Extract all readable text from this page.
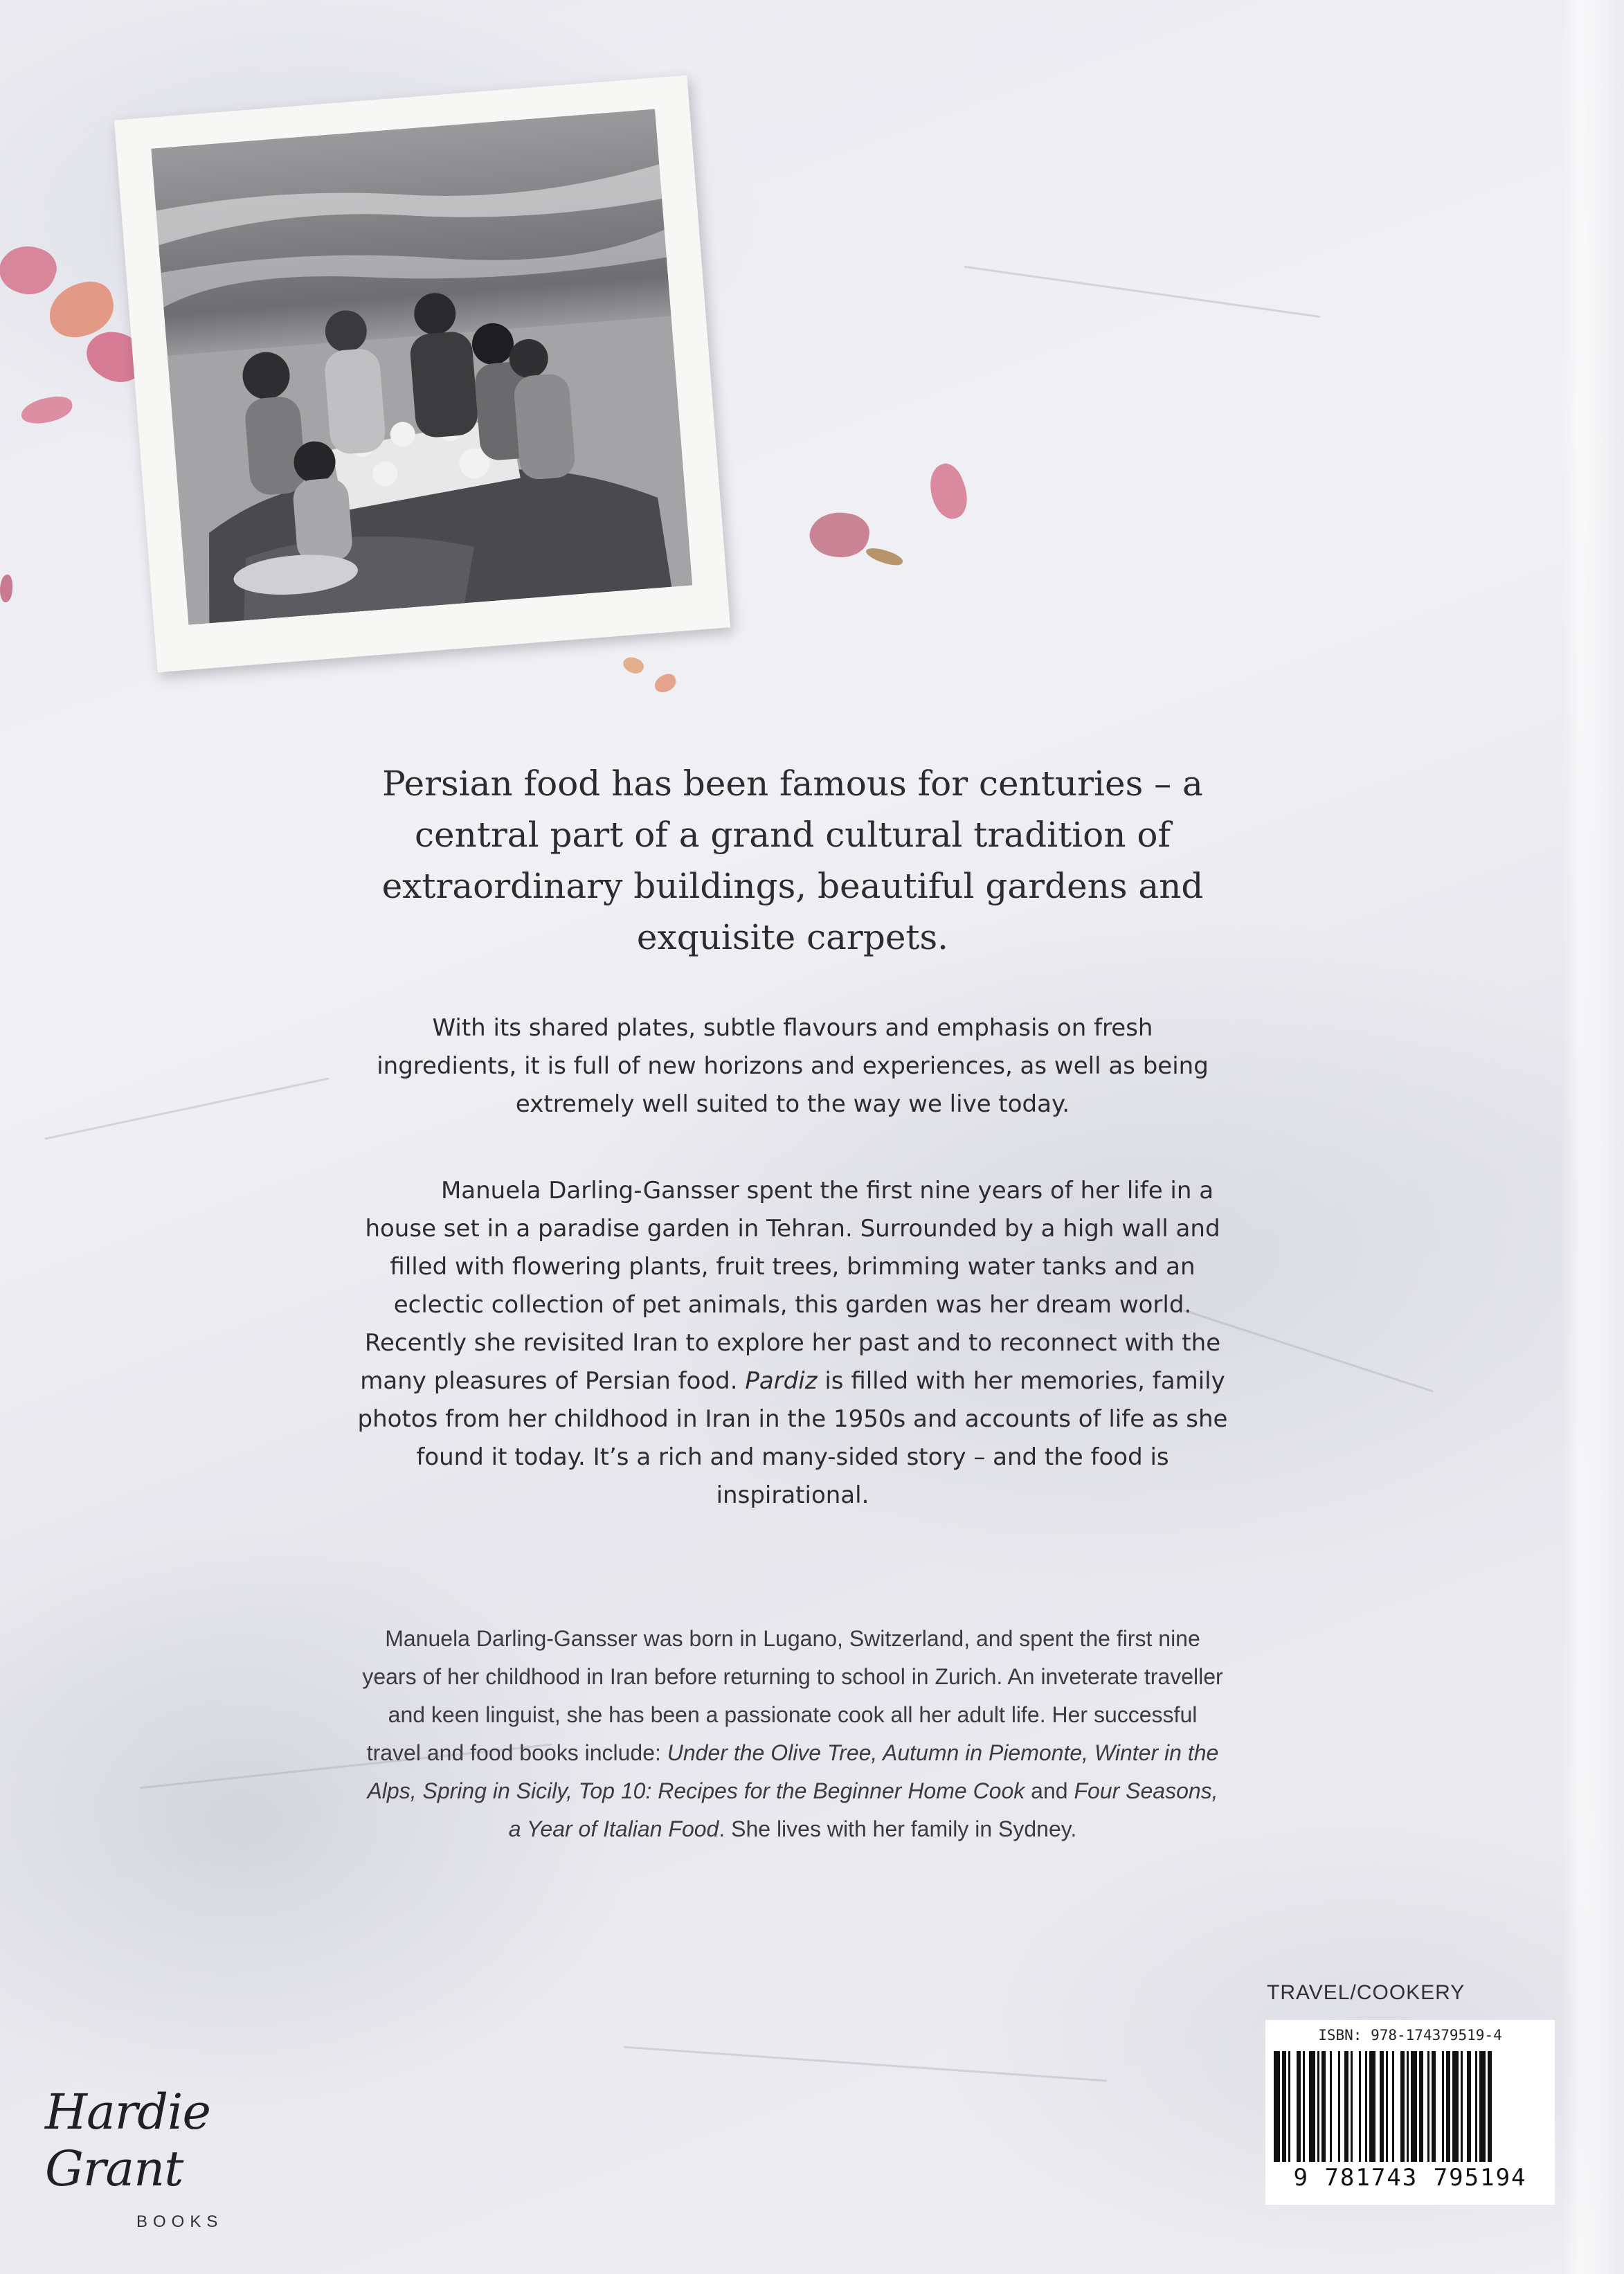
Persian food has been famous for centuries – a central part of a grand cultural tradition of extraordinary buildings, beautiful gardens and exquisite carpets.

With its shared plates, subtle flavours and emphasis on fresh ingredients, it is full of new horizons and experiences, as well as being extremely well suited to the way we live today.

Manuela Darling-Gansser spent the first nine years of her life in a house set in a paradise garden in Tehran. Surrounded by a high wall and filled with flowering plants, fruit trees, brimming water tanks and an eclectic collection of pet animals, this garden was her dream world. Recently she revisited Iran to explore her past and to reconnect with the many pleasures of Persian food. Pardiz is filled with her memories, family photos from her childhood in Iran in the 1950s and accounts of life as she found it today. It’s a rich and many-sided story – and the food is inspirational.

Manuela Darling-Gansser was born in Lugano, Switzerland, and spent the first nine years of her childhood in Iran before returning to school in Zurich. An inveterate traveller and keen linguist, she has been a passionate cook all her adult life. Her successful travel and food books include: Under the Olive Tree, Autumn in Piemonte, Winter in the Alps, Spring in Sicily, Top 10: Recipes for the Beginner Home Cook and Four Seasons, a Year of Italian Food. She lives with her family in Sydney.

TRAVEL/COOKERY
ISBN: 978-174379519-4
9 781743 795194
Hardie Grant
BOOKS
